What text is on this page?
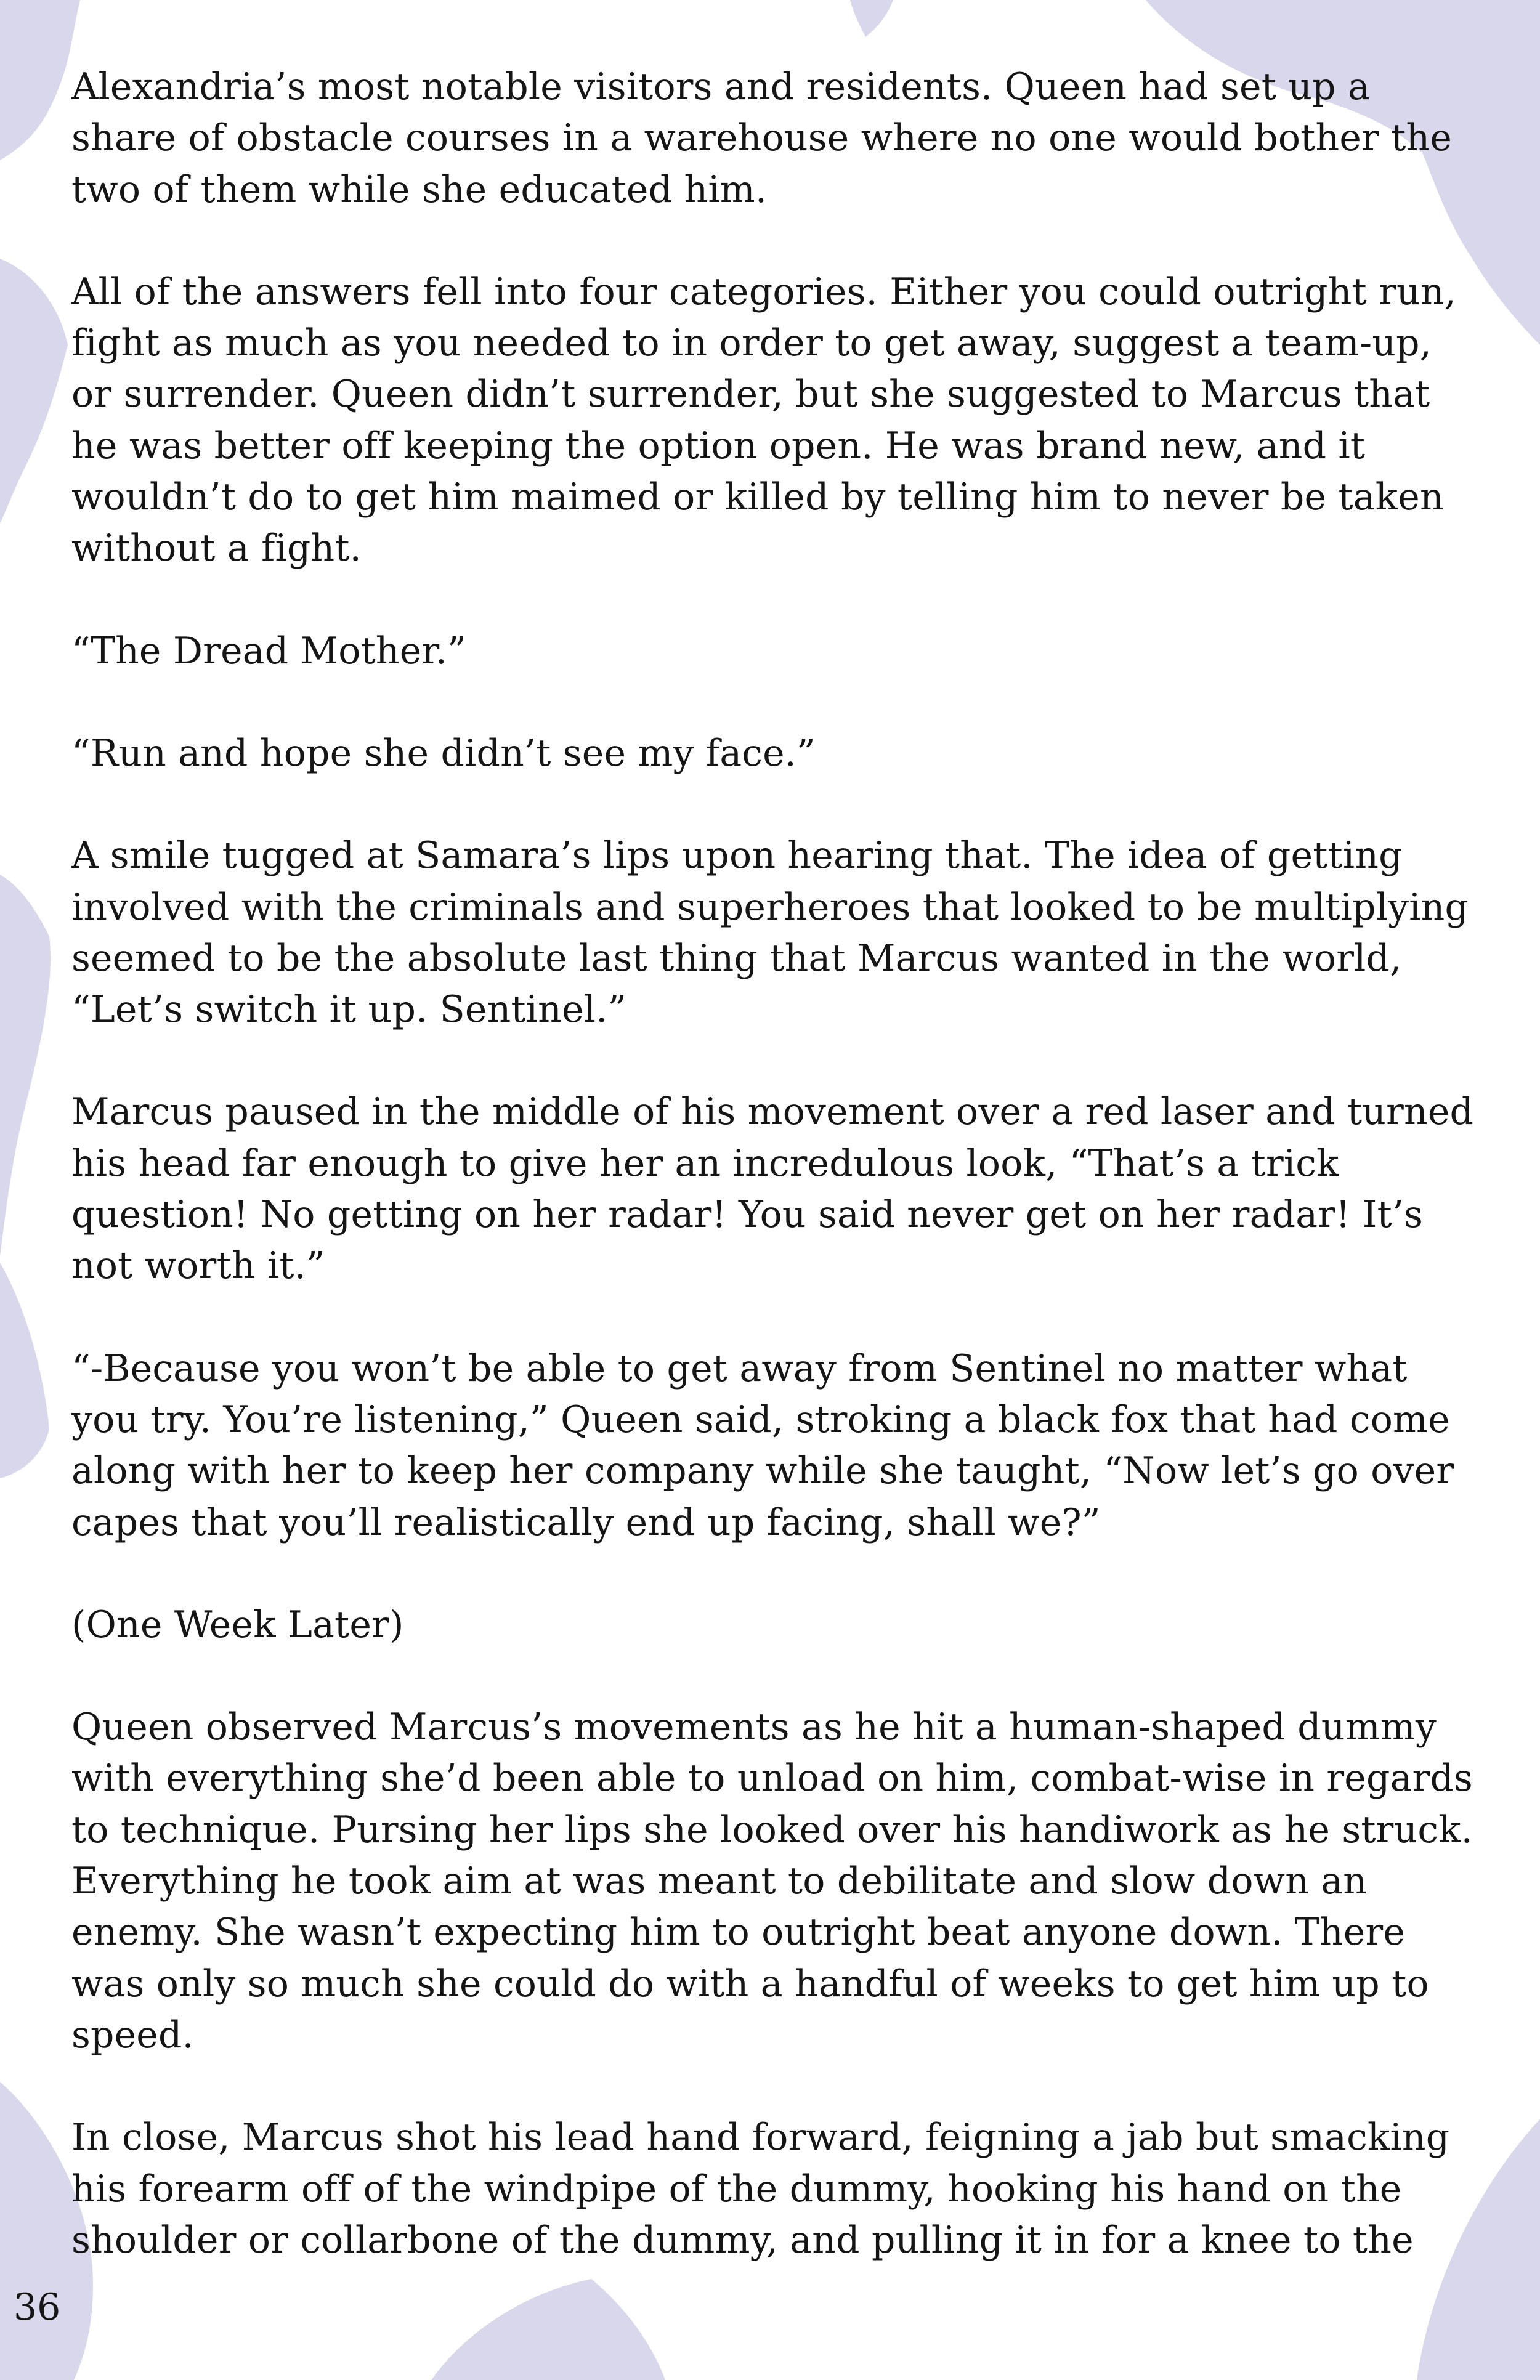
Alexandria’s most notable visitors and residents. Queen had set up a share of obstacle courses in a warehouse where no one would bother the two of them while she educated him.

All of the answers fell into four categories. Either you could outright run, fight as much as you needed to in order to get away, suggest a team-up, or surrender. Queen didn’t surrender, but she suggested to Marcus that he was better off keeping the option open. He was brand new, and it wouldn’t do to get him maimed or killed by telling him to never be taken without a fight.

“The Dread Mother.”

“Run and hope she didn’t see my face.”

A smile tugged at Samara’s lips upon hearing that. The idea of getting involved with the criminals and superheroes that looked to be multiplying seemed to be the absolute last thing that Marcus wanted in the world, “Let’s switch it up. Sentinel.”

Marcus paused in the middle of his movement over a red laser and turned his head far enough to give her an incredulous look, “That’s a trick question! No getting on her radar! You said never get on her radar! It’s not worth it.”

“-Because you won’t be able to get away from Sentinel no matter what you try. You’re listening,” Queen said, stroking a black fox that had come along with her to keep her company while she taught, “Now let’s go over capes that you’ll realistically end up facing, shall we?”

(One Week Later)

Queen observed Marcus’s movements as he hit a human-shaped dummy with everything she’d been able to unload on him, combat-wise in regards to technique. Pursing her lips she looked over his handiwork as he struck. Everything he took aim at was meant to debilitate and slow down an enemy. She wasn’t expecting him to outright beat anyone down. There was only so much she could do with a handful of weeks to get him up to speed.

In close, Marcus shot his lead hand forward, feigning a jab but smacking his forearm off of the windpipe of the dummy, hooking his hand on the shoulder or collarbone of the dummy, and pulling it in for a knee to the

36
